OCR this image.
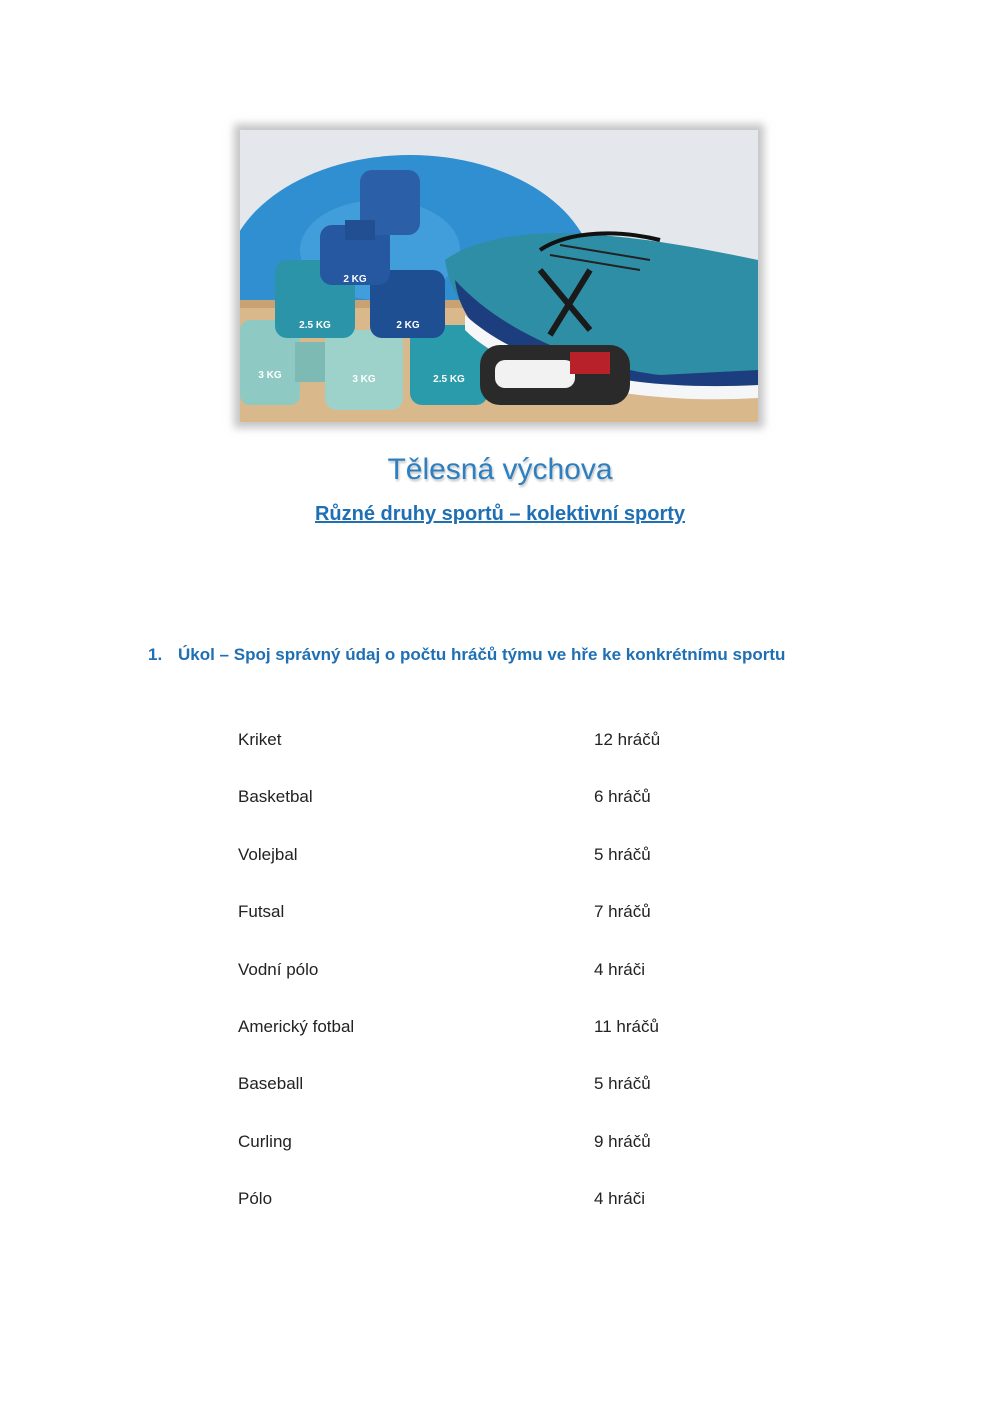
3 KG	3 KG	2.5 KG
2.5 KG	2 KG
2 KG
Tělesná výchova
Různé druhy sportů – kolektivní sporty
1. Úkol – Spoj správný údaj o počtu hráčů týmu ve hře ke konkrétnímu sportu
Kriket	12 hráčů
Basketbal	6 hráčů
Volejbal	5 hráčů
Futsal	7 hráčů
Vodní pólo	4 hráči
Americký fotbal	11 hráčů
Baseball	5 hráčů
Curling	9 hráčů
Pólo	4 hráči
